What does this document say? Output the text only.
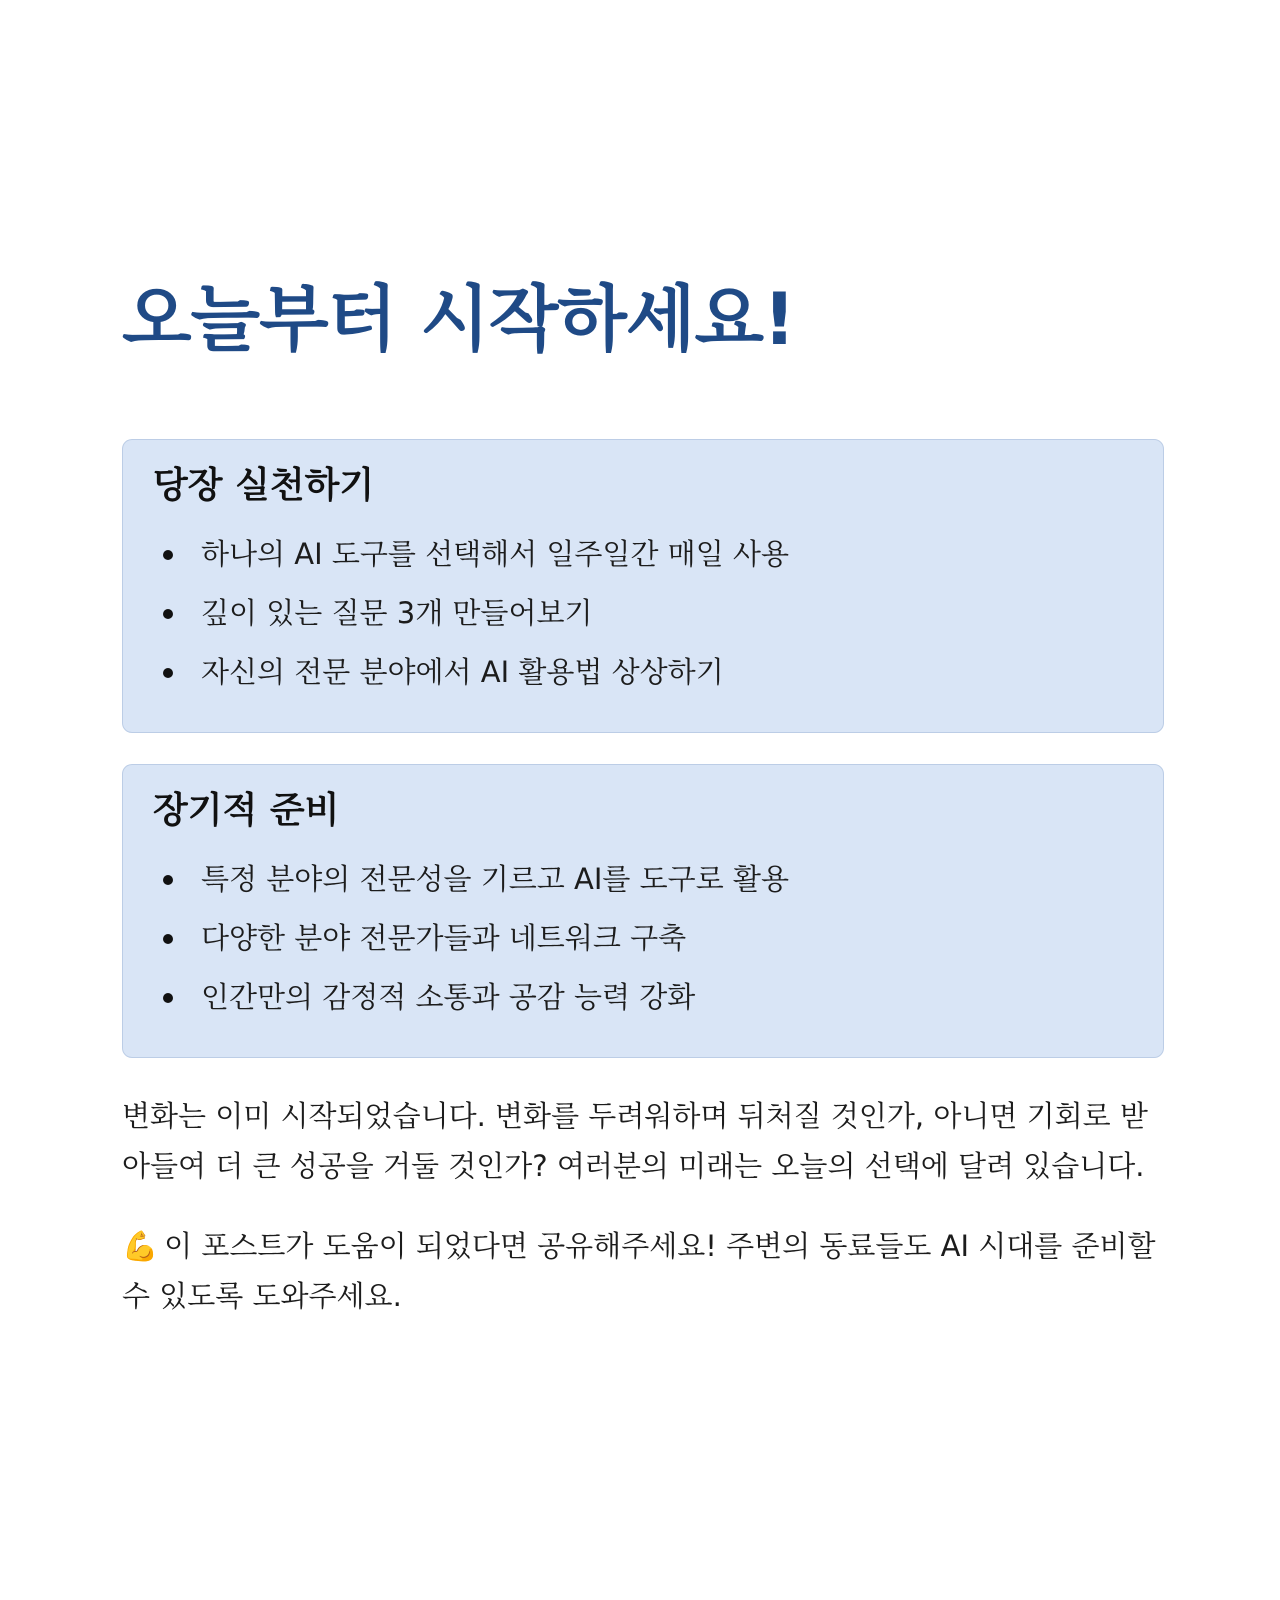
오늘부터 시작하세요!
당장 실천하기
하나의 AI 도구를 선택해서 일주일간 매일 사용
깊이 있는 질문 3개 만들어보기
자신의 전문 분야에서 AI 활용법 상상하기
장기적 준비
특정 분야의 전문성을 기르고 AI를 도구로 활용
다양한 분야 전문가들과 네트워크 구축
인간만의 감정적 소통과 공감 능력 강화

변화는 이미 시작되었습니다. 변화를 두려워하며 뒤처질 것인가, 아니면 기회로 받아들여 더 큰 성공을 거둘 것인가? 여러분의 미래는 오늘의 선택에 달려 있습니다.

💪 이 포스트가 도움이 되었다면 공유해주세요! 주변의 동료들도 AI 시대를 준비할 수 있도록 도와주세요.
